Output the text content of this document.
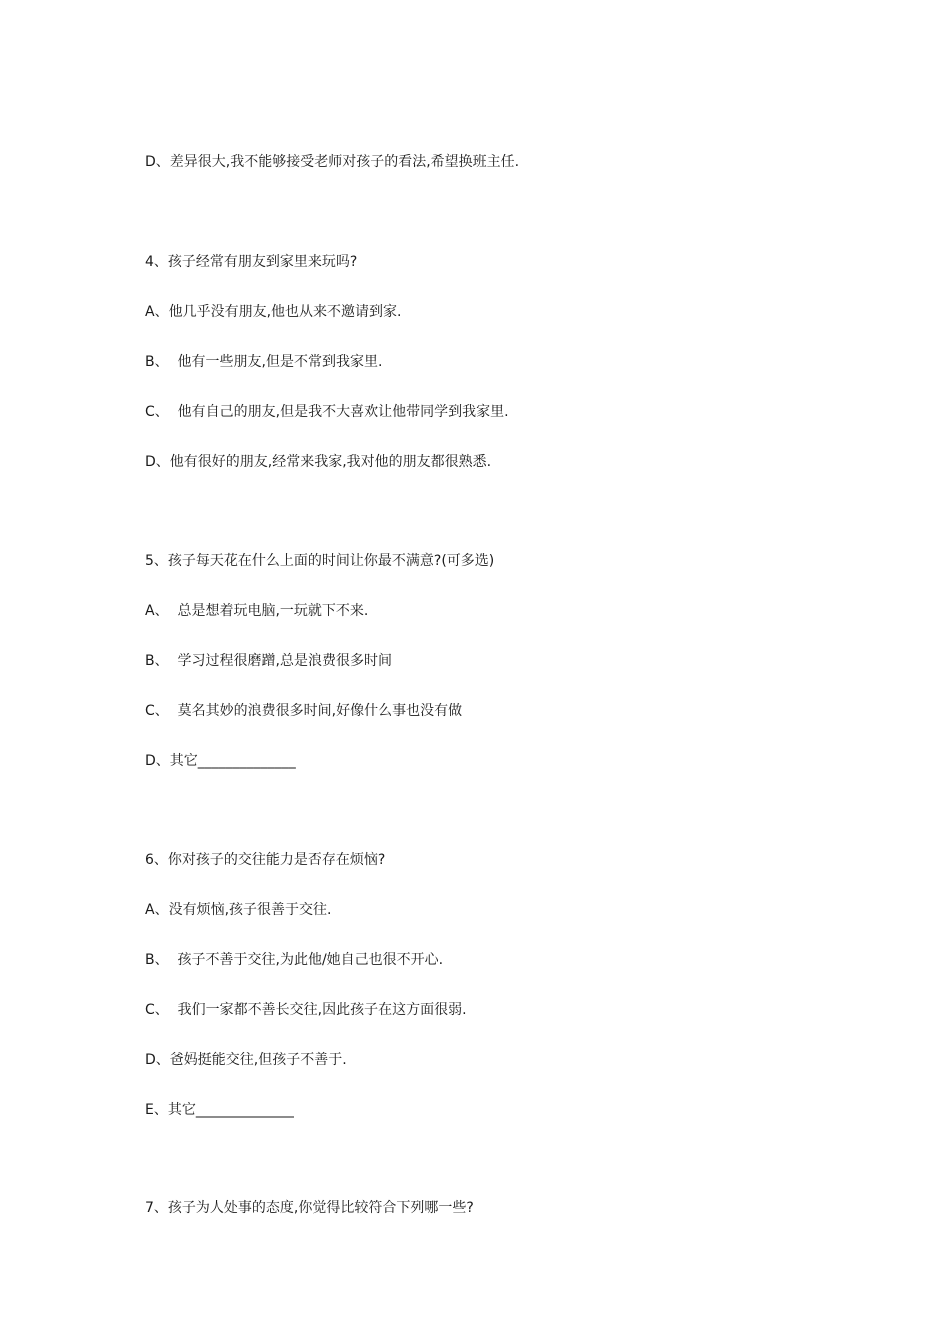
D、差异很大,我不能够接受老师对孩子的看法,希望换班主任.
4、孩子经常有朋友到家里来玩吗?
A、他几乎没有朋友,他也从来不邀请到家.
B、  他有一些朋友,但是不常到我家里.
C、  他有自己的朋友,但是我不大喜欢让他带同学到我家里.
D、他有很好的朋友,经常来我家,我对他的朋友都很熟悉.
5、孩子每天花在什么上面的时间让你最不满意?(可多选)
A、  总是想着玩电脑,一玩就下不来.
B、  学习过程很磨蹭,总是浪费很多时间
C、  莫名其妙的浪费很多时间,好像什么事也没有做
D、其它______________
6、你对孩子的交往能力是否存在烦恼?
A、没有烦恼,孩子很善于交往.
B、  孩子不善于交往,为此他/她自己也很不开心.
C、  我们一家都不善长交往,因此孩子在这方面很弱.
D、爸妈挺能交往,但孩子不善于.
E、其它______________
7、孩子为人处事的态度,你觉得比较符合下列哪一些?
